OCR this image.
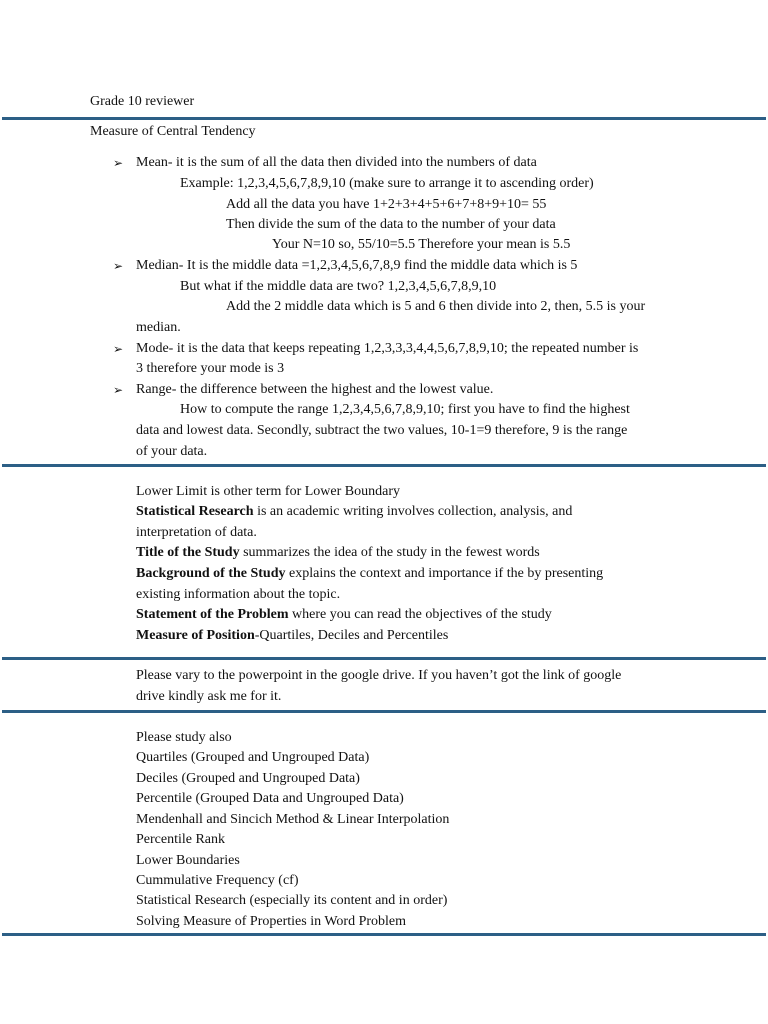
Grade 10 reviewer
Measure of Central Tendency
➢ Mean- it is the sum of all the data then divided into the numbers of data
Example: 1,2,3,4,5,6,7,8,9,10 (make sure to arrange it to ascending order)
Add all the data you have 1+2+3+4+5+6+7+8+9+10= 55
Then divide the sum of the data to the number of your data
Your N=10 so, 55/10=5.5 Therefore your mean is 5.5
➢ Median- It is the middle data =1,2,3,4,5,6,7,8,9 find the middle data which is 5
But what if the middle data are two? 1,2,3,4,5,6,7,8,9,10
Add the 2 middle data which is 5 and 6 then divide into 2, then, 5.5 is your
median.
➢ Mode- it is the data that keeps repeating 1,2,3,3,3,4,4,5,6,7,8,9,10; the repeated number is
3 therefore your mode is 3
➢ Range- the difference between the highest and the lowest value.
How to compute the range 1,2,3,4,5,6,7,8,9,10; first you have to find the highest
data and lowest data. Secondly, subtract the two values, 10-1=9 therefore, 9 is the range
of your data.
Lower Limit is other term for Lower Boundary
Statistical Research is an academic writing involves collection, analysis, and
interpretation of data.
Title of the Study summarizes the idea of the study in the fewest words
Background of the Study explains the context and importance if the by presenting
existing information about the topic.
Statement of the Problem where you can read the objectives of the study
Measure of Position-Quartiles, Deciles and Percentiles
Please vary to the powerpoint in the google drive. If you haven’t got the link of google
drive kindly ask me for it.
Please study also
Quartiles (Grouped and Ungrouped Data)
Deciles (Grouped and Ungrouped Data)
Percentile (Grouped Data and Ungrouped Data)
Mendenhall and Sincich Method & Linear Interpolation
Percentile Rank
Lower Boundaries
Cummulative Frequency (cf)
Statistical Research (especially its content and in order)
Solving Measure of Properties in Word Problem
